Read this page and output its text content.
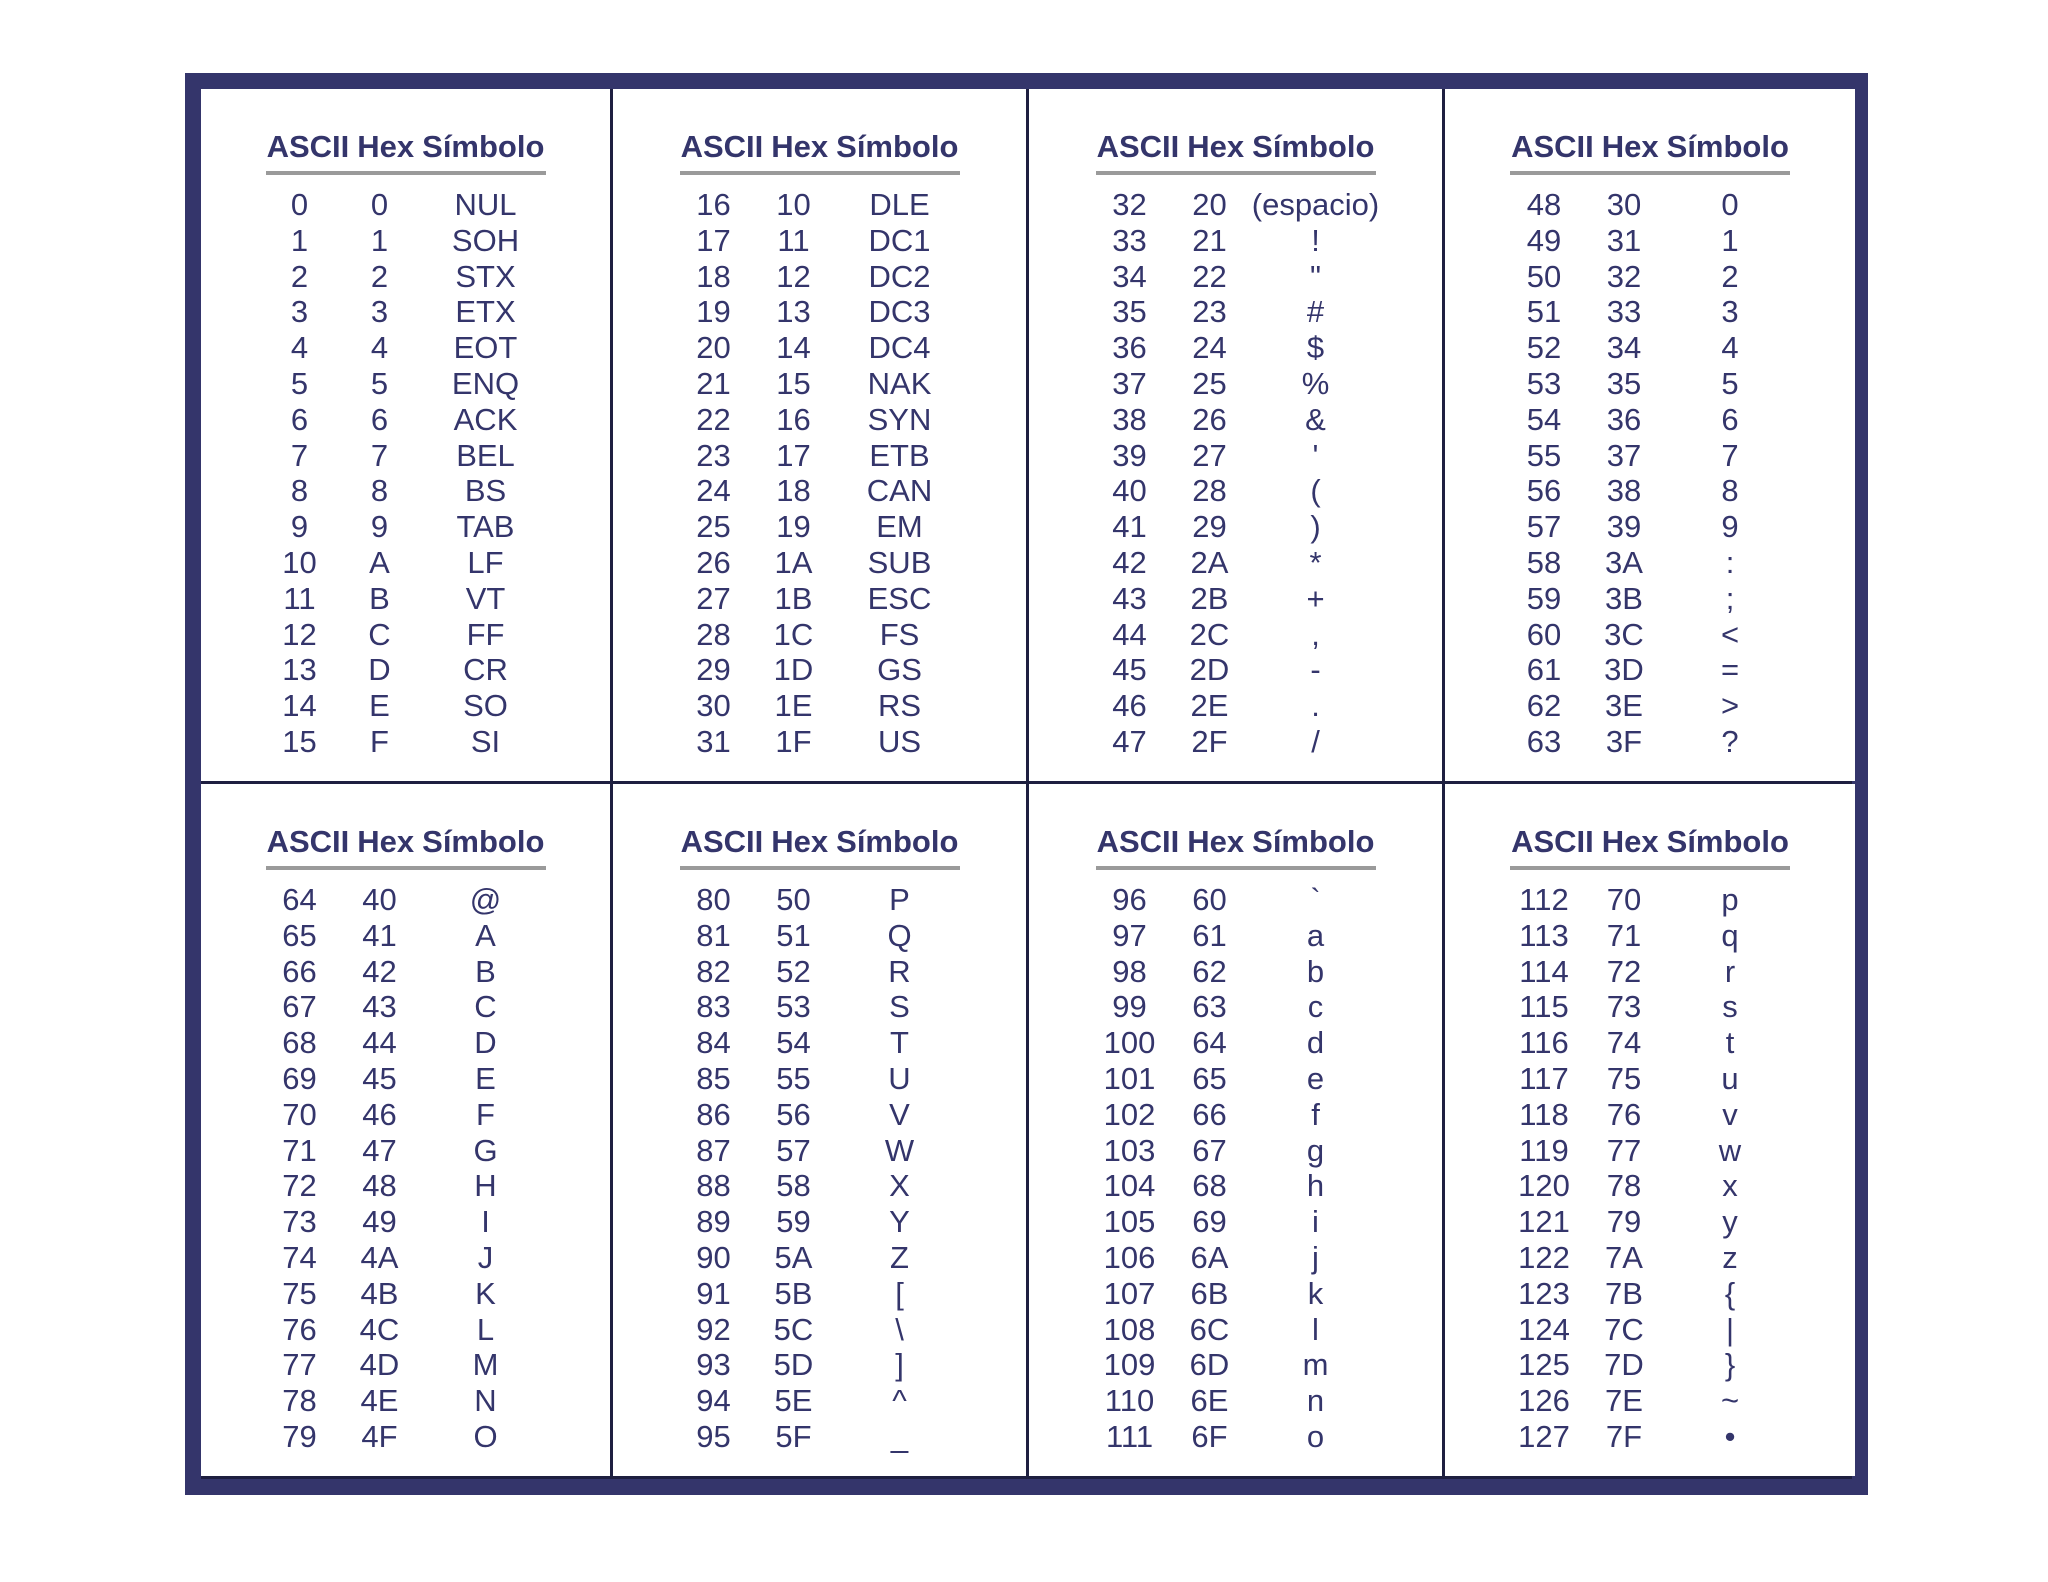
ASCII Hex Símbolo
0	0	NUL
1	1	SOH
2	2	STX
3	3	ETX
4	4	EOT
5	5	ENQ
6	6	ACK
7	7	BEL
8	8	BS
9	9	TAB
10	A	LF
11	B	VT
12	C	FF
13	D	CR
14	E	SO
15	F	SI
ASCII Hex Símbolo
16	10	DLE
17	11	DC1
18	12	DC2
19	13	DC3
20	14	DC4
21	15	NAK
22	16	SYN
23	17	ETB
24	18	CAN
25	19	EM
26	1A	SUB
27	1B	ESC
28	1C	FS
29	1D	GS
30	1E	RS
31	1F	US
ASCII Hex Símbolo
32	20 (espacio)
33	21	!
34	22	"
35	23	#
36	24	$
37	25	%
38	26	&
39	27	'
40	28	(
41	29	)
42	2A	*
43	2B	+
44	2C	,
45	2D	-
46	2E	.
47	2F	/
ASCII Hex Símbolo
48	30	0
49	31	1
50	32	2
51	33	3
52	34	4
53	35	5
54	36	6
55	37	7
56	38	8
57	39	9
58	3A	:
59	3B	;
60	3C	<
61	3D	=
62	3E	>
63	3F	?
ASCII Hex Símbolo
64	40	@
65	41	A
66	42	B
67	43	C
68	44	D
69	45	E
70	46	F
71	47	G
72	48	H
73	49	I
74	4A	J
75	4B	K
76	4C	L
77	4D	M
78	4E	N
79	4F	O
ASCII Hex Símbolo
80	50	P
81	51	Q
82	52	R
83	53	S
84	54	T
85	55	U
86	56	V
87	57	W
88	58	X
89	59	Y
90	5A	Z
91	5B	[
92	5C	\
93	5D	]
94	5E	^
95	5F	_
ASCII Hex Símbolo
96	60	`
97	61	a
98	62	b
99	63	c
100	64	d
101	65	e
102	66	f
103	67	g
104	68	h
105	69	i
106	6A	j
107	6B	k
108	6C	l
109	6D	m
110	6E	n
111	6F	o
ASCII Hex Símbolo
112	70	p
113	71	q
114	72	r
115	73	s
116	74	t
117	75	u
118	76	v
119	77	w
120	78	x
121	79	y
122	7A	z
123	7B	{
124	7C	|
125	7D	}
126	7E	~
127	7F	•
